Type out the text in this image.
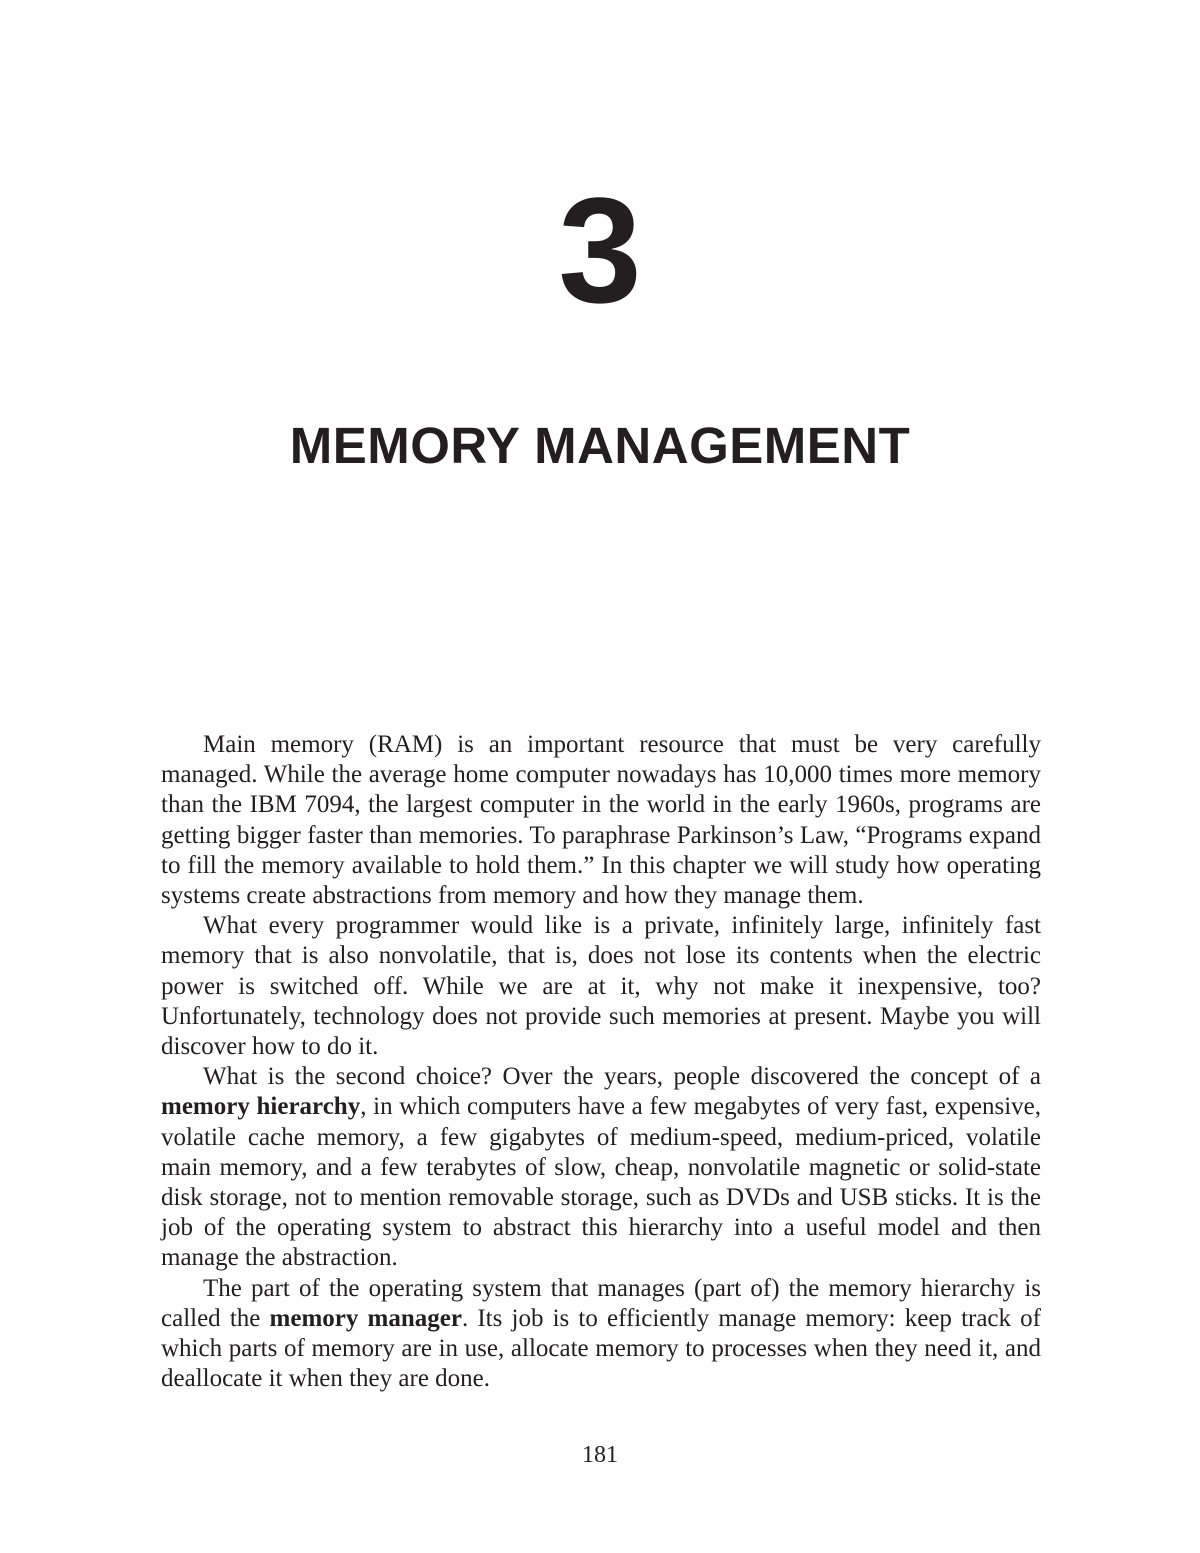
3
MEMORY MANAGEMENT

Main memory (RAM) is an important resource that must be very carefully managed. While the average home computer nowadays has 10,000 times more memory than the IBM 7094, the largest computer in the world in the early 1960s, programs are getting bigger faster than memories. To paraphrase Parkinson’s Law, “Programs expand to fill the memory available to hold them.” In this chapter we will study how operating systems create abstractions from memory and how they manage them.

What every programmer would like is a private, infinitely large, infinitely fast memory that is also nonvolatile, that is, does not lose its contents when the electric power is switched off. While we are at it, why not make it inexpensive, too? Unfortunately, technology does not provide such memories at present. Maybe you will discover how to do it.

What is the second choice? Over the years, people discovered the concept of a memory hierarchy, in which computers have a few megabytes of very fast, expensive, volatile cache memory, a few gigabytes of medium-speed, medium-priced, volatile main memory, and a few terabytes of slow, cheap, nonvolatile magnetic or solid-state disk storage, not to mention removable storage, such as DVDs and USB sticks. It is the job of the operating system to abstract this hierarchy into a useful model and then manage the abstraction.

The part of the operating system that manages (part of) the memory hierarchy is called the memory manager. Its job is to efficiently manage memory: keep track of which parts of memory are in use, allocate memory to processes when they need it, and deallocate it when they are done.

181
